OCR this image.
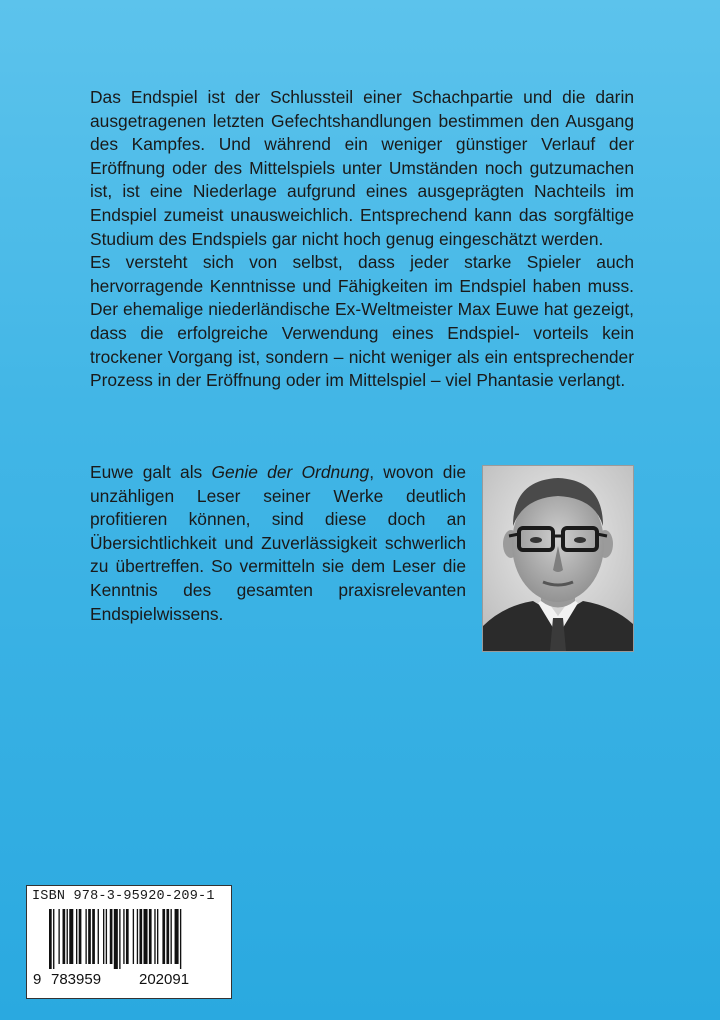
Das Endspiel ist der Schlussteil einer Schachpartie und die darin ausgetragenen letzten Gefechtshandlungen bestimmen den Ausgang des Kampfes. Und während ein weniger günstiger Verlauf der Eröffnung oder des Mittelspiels unter Umständen noch gutzumachen ist, ist eine Niederlage aufgrund eines ausgeprägten Nachteils im Endspiel zumeist unausweichlich. Entsprechend kann das sorgfältige Studium des Endspiels gar nicht hoch genug eingeschätzt werden.

Es versteht sich von selbst, dass jeder starke Spieler auch hervorragende Kenntnisse und Fähigkeiten im Endspiel haben muss. Der ehemalige niederländische Ex-Weltmeister Max Euwe hat gezeigt, dass die erfolgreiche Verwendung eines Endspiel- vorteils kein trockener Vorgang ist, sondern – nicht weniger als ein entsprechender Prozess in der Eröffnung oder im Mittelspiel – viel Phantasie verlangt.

Euwe galt als Genie der Ordnung, wovon die unzähligen Leser seiner Werke deutlich profitieren können, sind diese doch an Übersichtlichkeit und Zuverlässigkeit schwerlich zu übertreffen. So vermitteln sie dem Leser die Kenntnis des gesamten praxisrelevanten Endspielwissens.

ISBN 978-3-95920-209-1
9 783959	202091
